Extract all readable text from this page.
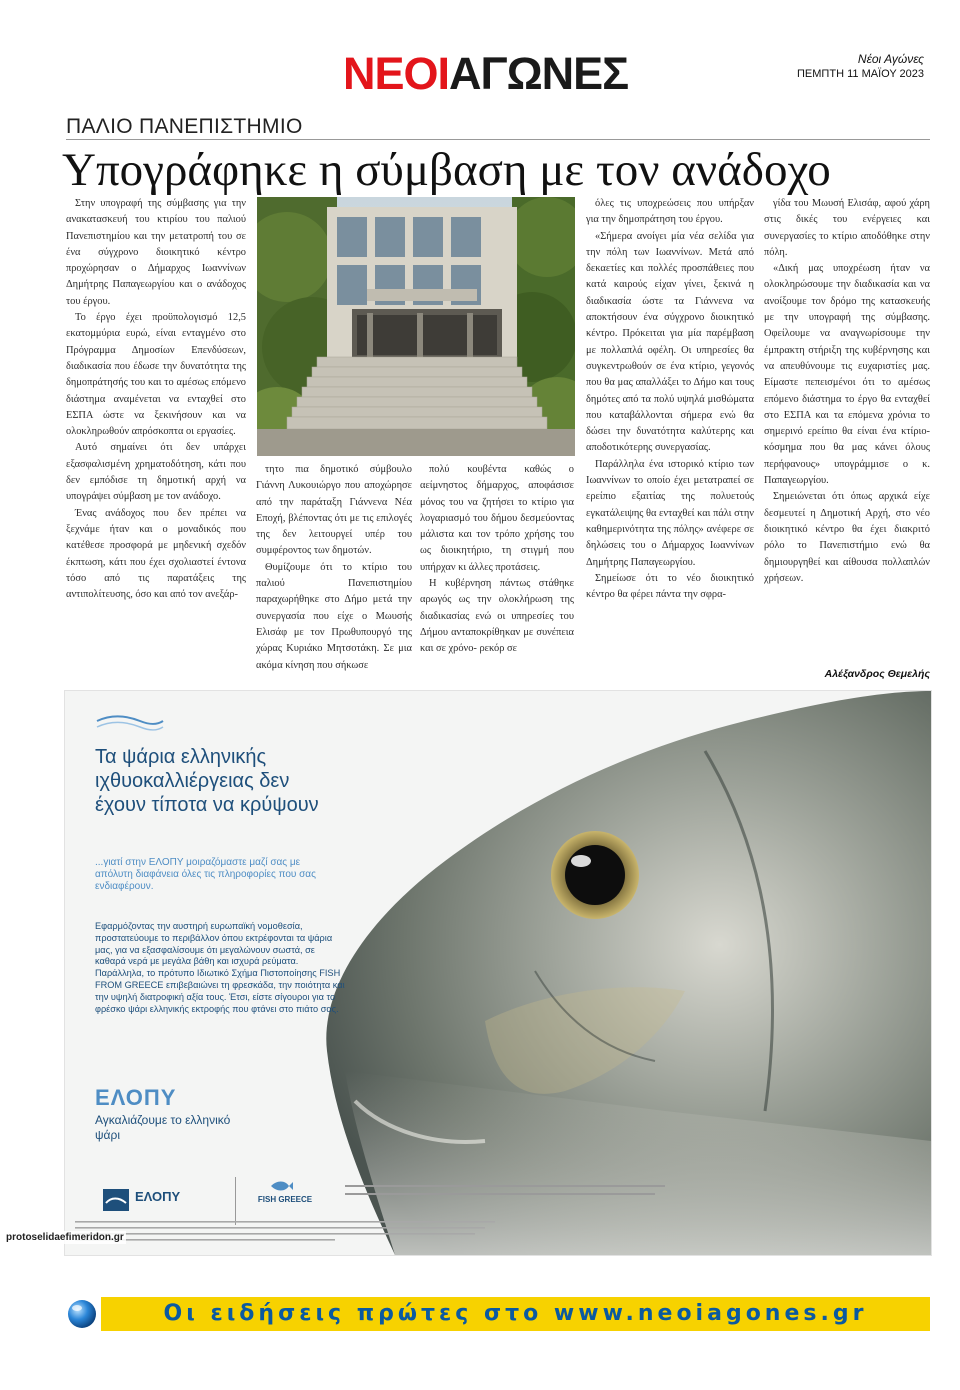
ΝΕΟΙΑΓΩΝΕΣ	Νέοι Αγώνες
ΠΕΜΠΤΗ 11 ΜΑΪΟΥ 2023
ΠΑΛΙΟ ΠΑΝΕΠΙΣΤΗΜΙΟ
Υπογράφηκε η σύμβαση με τον ανάδοχο

Στην υπογραφή της σύμβασης για την ανακατασκευή του κτιρίου του παλιού Πανεπιστημίου και την μετατροπή του σε ένα σύγχρονο διοικητικό κέντρο προχώρησαν ο Δήμαρχος Ιωαννίνων Δημήτρης Παπαγεωργίου και ο ανάδοχος του έργου.

Το έργο έχει προϋπολογισμό 12,5 εκατομμύρια ευρώ, είναι ενταγμένο στο Πρόγραμμα Δημοσίων Επενδύσεων, διαδικασία που έδωσε την δυνατότητα της δημοπράτησής του και το αμέσως επόμενο διάστημα αναμένεται να ενταχθεί στο ΕΣΠΑ ώστε να ξεκινήσουν και να ολοκληρωθούν απρόσκοπτα οι εργασίες.

Αυτό σημαίνει ότι δεν υπάρχει εξασφαλισμένη χρηματοδότηση, κάτι που δεν εμπόδισε τη δημοτική αρχή να υπογράψει σύμβαση με τον ανάδοχο.

Ένας ανάδοχος που δεν πρέπει να ξεχνάμε ήταν και ο μοναδικός που κατέθεσε προσφορά με μηδενική σχεδόν έκπτωση, κάτι που έχει σχολιαστεί έντονα τόσο από τις παρατάξεις της αντιπολίτευσης, όσο και από τον ανεξάρ-

τητο πια δημοτικό σύμβουλο Γιάννη Λυκουιώργο που αποχώρησε από την παράταξη Γιάννενα Νέα Εποχή, βλέποντας ότι με τις επιλογές της δεν λειτουργεί υπέρ του συμφέροντος των δημοτών.

Θυμίζουμε ότι το κτίριο του παλιού Πανεπιστημίου παραχωρήθηκε στο Δήμο μετά την συνεργασία που είχε ο Μωυσής Ελισάφ με τον Πρωθυπουργό της χώρας Κυριάκο Μητσοτάκη. Σε μια ακόμα κίνηση που σήκωσε

πολύ κουβέντα καθώς ο αείμνηστος δήμαρχος, αποφάσισε μόνος του να ζητήσει το κτίριο για λογαριασμό του δήμου δεσμεύοντας μάλιστα και τον τρόπο χρήσης του ως διοικητήριο, τη στιγμή που υπήρχαν κι άλλες προτάσεις.

Η κυβέρνηση πάντως στάθηκε αρωγός ως την ολοκλήρωση της διαδικασίας ενώ οι υπηρεσίες του Δήμου ανταποκρίθηκαν με συνέπεια και σε χρόνο- ρεκόρ σε

όλες τις υποχρεώσεις που υπήρξαν για την δημοπράτηση του έργου.

«Σήμερα ανοίγει μία νέα σελίδα για την πόλη των Ιωαννίνων. Μετά από δεκαετίες και πολλές προσπάθειες που κατά καιρούς είχαν γίνει, ξεκινά η διαδικασία ώστε τα Γιάννενα να αποκτήσουν ένα σύγχρονο διοικητικό κέντρο. Πρόκειται για μία παρέμβαση με πολλαπλά οφέλη. Οι υπηρεσίες θα συγκεντρωθούν σε ένα κτίριο, γεγονός που θα μας απαλλάξει το Δήμο και τους δημότες από τα πολύ υψηλά μισθώματα που καταβάλλονται σήμερα ενώ θα δώσει την δυνατότητα καλύτερης και αποδοτικότερης συνεργασίας.

Παράλληλα ένα ιστορικό κτίριο των Ιωαννίνων το οποίο έχει μετατραπεί σε ερείπιο εξαιτίας της πολυετούς εγκατάλειψης θα ενταχθεί και πάλι στην καθημερινότητα της πόλης» ανέφερε σε δηλώσεις του ο Δήμαρχος Ιωαννίνων Δημήτρης Παπαγεωργίου.

Σημείωσε ότι το νέο διοικητικό κέντρο θα φέρει πάντα την σφρα-

γίδα του Μωυσή Ελισάφ, αφού χάρη στις δικές του ενέργειες και συνεργασίες το κτίριο αποδόθηκε στην πόλη.

«Δική μας υποχρέωση ήταν να ολοκληρώσουμε την διαδικασία και να ανοίξουμε τον δρόμο της κατασκευής με την υπογραφή της σύμβασης. Οφείλουμε να αναγνωρίσουμε την έμπρακτη στήριξη της κυβέρνησης και να απευθύνουμε τις ευχαριστίες μας. Είμαστε πεπεισμένοι ότι το αμέσως επόμενο διάστημα το έργο θα ενταχθεί στο ΕΣΠΑ και τα επόμενα χρόνια το σημερινό ερείπιο θα είναι ένα κτίριο-κόσμημα που θα μας κάνει όλους περήφανους» υπογράμμισε ο κ. Παπαγεωργίου.

Σημειώνεται ότι όπως αρχικά είχε δεσμευτεί η Δημοτική Αρχή, στο νέο διοικητικό κέντρο θα έχει διακριτό ρόλο το Πανεπιστήμιο ενώ θα δημιουργηθεί και αίθουσα πολλαπλών χρήσεων.

Αλέξανδρος Θεμελής
Τα ψάρια ελληνικής ιχθυοκαλλιέργειας δεν έχουν τίποτα να κρύψουν
...γιατί στην ΕΛΟΠΥ μοιραζόμαστε μαζί σας με απόλυτη διαφάνεια όλες τις πληροφορίες που σας ενδιαφέρουν.
Εφαρμόζοντας την αυστηρή ευρωπαϊκή νομοθεσία, προστατεύουμε το περιβάλλον όπου εκτρέφονται τα ψάρια μας, για να εξασφαλίσουμε ότι μεγαλώνουν σωστά, σε καθαρά νερά με μεγάλα βάθη και ισχυρά ρεύματα. Παράλληλα, το πρότυπο Ιδιωτικό Σχήμα Πιστοποίησης FISH FROM GREECE επιβεβαιώνει τη φρεσκάδα, την ποιότητα και την υψηλή διατροφική αξία τους. Έτσι, είστε σίγουροι για το φρέσκο ψάρι ελληνικής εκτροφής που φτάνει στο πιάτο σας.
ΕΛΟΠΥ
Αγκαλιάζουμε το ελληνικό ψάρι
ΕΛΟΠΥ	FISH GREECE
protoselidaefimeridon.gr
Οι ειδήσεις πρώτες στο www.neoiagones.gr
